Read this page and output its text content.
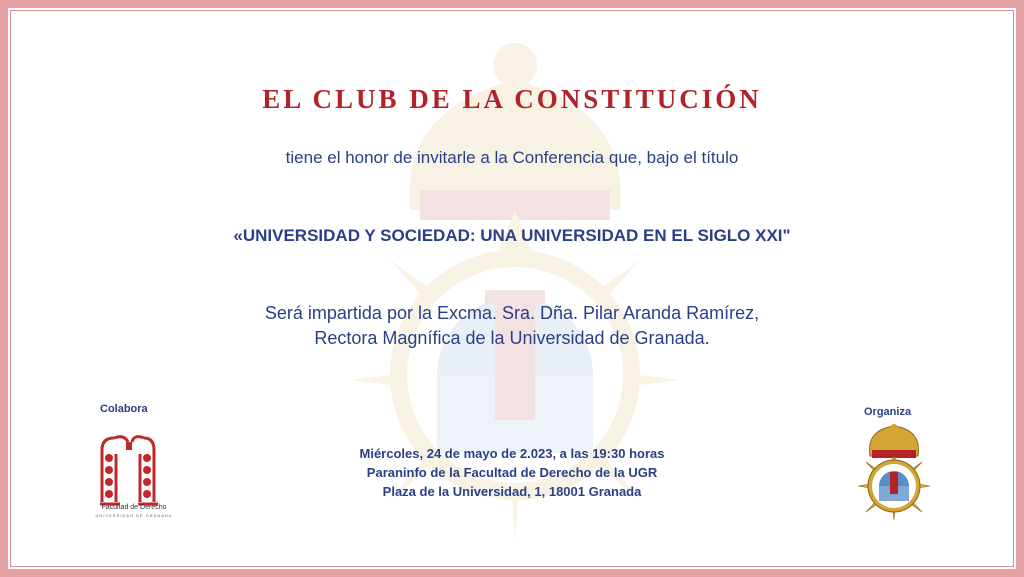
EL CLUB DE LA CONSTITUCIÓN
tiene el honor de invitarle a la Conferencia que, bajo el título
«UNIVERSIDAD Y SOCIEDAD: UNA UNIVERSIDAD EN EL SIGLO XXI"
Será impartida por la Excma. Sra. Dña. Pilar Aranda Ramírez,
Rectora Magnífica de la Universidad de Granada.
Miércoles, 24 de mayo de 2.023, a las 19:30 horas
Paraninfo de la Facultad de Derecho de la UGR
Plaza de la Universidad, 1, 18001 Granada
Colabora
Facultad de Derecho
UNIVERSIDAD DE GRANADA
Organiza
